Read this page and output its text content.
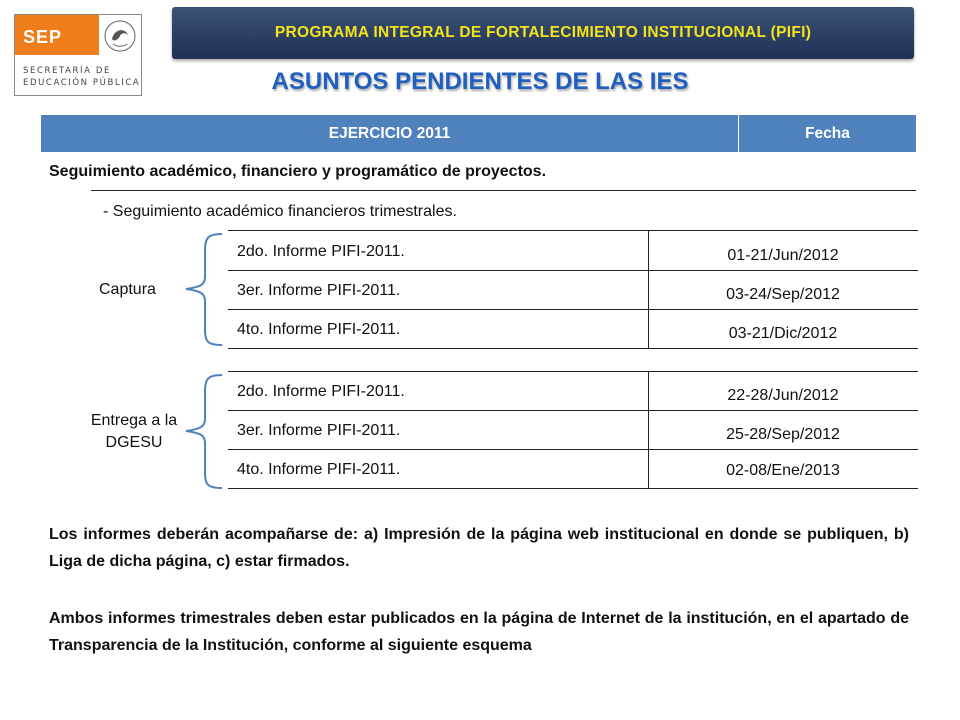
SEP
SECRETARÍA DE
EDUCACIÓN PÚBLICA
PROGRAMA INTEGRAL DE FORTALECIMIENTO INSTITUCIONAL (PIFI)
ASUNTOS PENDIENTES DE LAS IES
EJERCICIO 2011	Fecha
Seguimiento académico, financiero y programático de proyectos.
- Seguimiento académico financieros trimestrales.
Captura
2do. Informe PIFI-2011.	01-21/Jun/2012
3er. Informe PIFI-2011.	03-24/Sep/2012
4to. Informe PIFI-2011.	03-21/Dic/2012
Entrega a la
DGESU
2do. Informe PIFI-2011.	22-28/Jun/2012
3er. Informe PIFI-2011.	25-28/Sep/2012
4to. Informe PIFI-2011.	02-08/Ene/2013
Los informes deberán acompañarse de: a) Impresión de la página web institucional en donde se publiquen, b) Liga de dicha página, c) estar firmados.
Ambos informes trimestrales deben estar publicados en la página de Internet de la institución, en el apartado de Transparencia de la Institución, conforme al siguiente esquema
